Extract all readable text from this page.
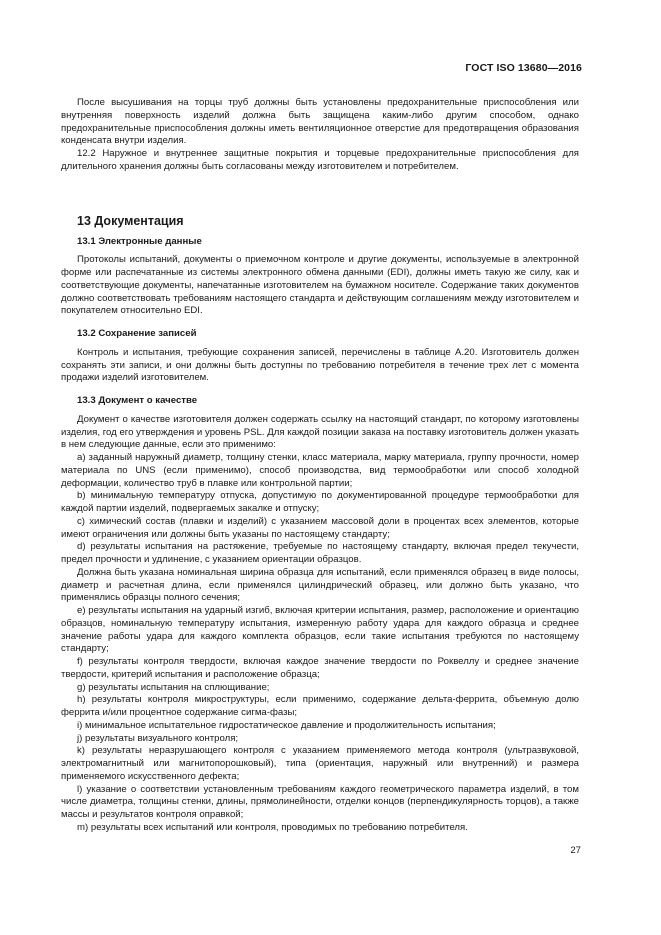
ГОСТ ISO 13680—2016

После высушивания на торцы труб должны быть установлены предохранительные приспособления или внутренняя поверхность изделий должна быть защищена каким-либо другим способом, однако предохранительные приспособления должны иметь вентиляционное отверстие для предотвращения образования конденсата внутри изделия.

12.2 Наружное и внутреннее защитные покрытия и торцевые предохранительные приспособления для длительного хранения должны быть согласованы между изготовителем и потребителем.

13 Документация
13.1 Электронные данные

Протоколы испытаний, документы о приемочном контроле и другие документы, используемые в электронной форме или распечатанные из системы электронного обмена данными (EDI), должны иметь такую же силу, как и соответствующие документы, напечатанные изготовителем на бумажном носителе. Содержание таких документов должно соответствовать требованиям настоящего стандарта и действующим соглашениям между изготовителем и покупателем относительно EDI.

13.2 Сохранение записей

Контроль и испытания, требующие сохранения записей, перечислены в таблице A.20. Изготовитель должен сохранять эти записи, и они должны быть доступны по требованию потребителя в течение трех лет с момента продажи изделий изготовителем.

13.3 Документ о качестве

Документ о качестве изготовителя должен содержать ссылку на настоящий стандарт, по которому изготовлены изделия, год его утверждения и уровень PSL. Для каждой позиции заказа на поставку изготовитель должен указать в нем следующие данные, если это применимо:

a) заданный наружный диаметр, толщину стенки, класс материала, марку материала, группу прочности, номер материала по UNS (если применимо), способ производства, вид термообработки или способ холодной деформации, количество труб в плавке или контрольной партии;

b) минимальную температуру отпуска, допустимую по документированной процедуре термообработки для каждой партии изделий, подвергаемых закалке и отпуску;

c) химический состав (плавки и изделий) с указанием массовой доли в процентах всех элементов, которые имеют ограничения или должны быть указаны по настоящему стандарту;

d) результаты испытания на растяжение, требуемые по настоящему стандарту, включая предел текучести, предел прочности и удлинение, с указанием ориентации образцов.

Должна быть указана номинальная ширина образца для испытаний, если применялся образец в виде полосы, диаметр и расчетная длина, если применялся цилиндрический образец, или должно быть указано, что применялись образцы полного сечения;

e) результаты испытания на ударный изгиб, включая критерии испытания, размер, расположение и ориентацию образцов, номинальную температуру испытания, измеренную работу удара для каждого образца и среднее значение работы удара для каждого комплекта образцов, если такие испытания требуются по настоящему стандарту;

f) результаты контроля твердости, включая каждое значение твердости по Роквеллу и среднее значение твердости, критерий испытания и расположение образца;

g) результаты испытания на сплющивание;

h) результаты контроля микроструктуры, если применимо, содержание дельта-феррита, объемную долю феррита и/или процентное содержание сигма-фазы;

i) минимальное испытательное гидростатическое давление и продолжительность испытания;

j) результаты визуального контроля;

k) результаты неразрушающего контроля с указанием применяемого метода контроля (ультразвуковой, электромагнитный или магнитопорошковый), типа (ориентация, наружный или внутренний) и размера применяемого искусственного дефекта;

l) указание о соответствии установленным требованиям каждого геометрического параметра изделий, в том числе диаметра, толщины стенки, длины, прямолинейности, отделки концов (перпендикулярность торцов), а также массы и результатов контроля оправкой;

m) результаты всех испытаний или контроля, проводимых по требованию потребителя.

27
